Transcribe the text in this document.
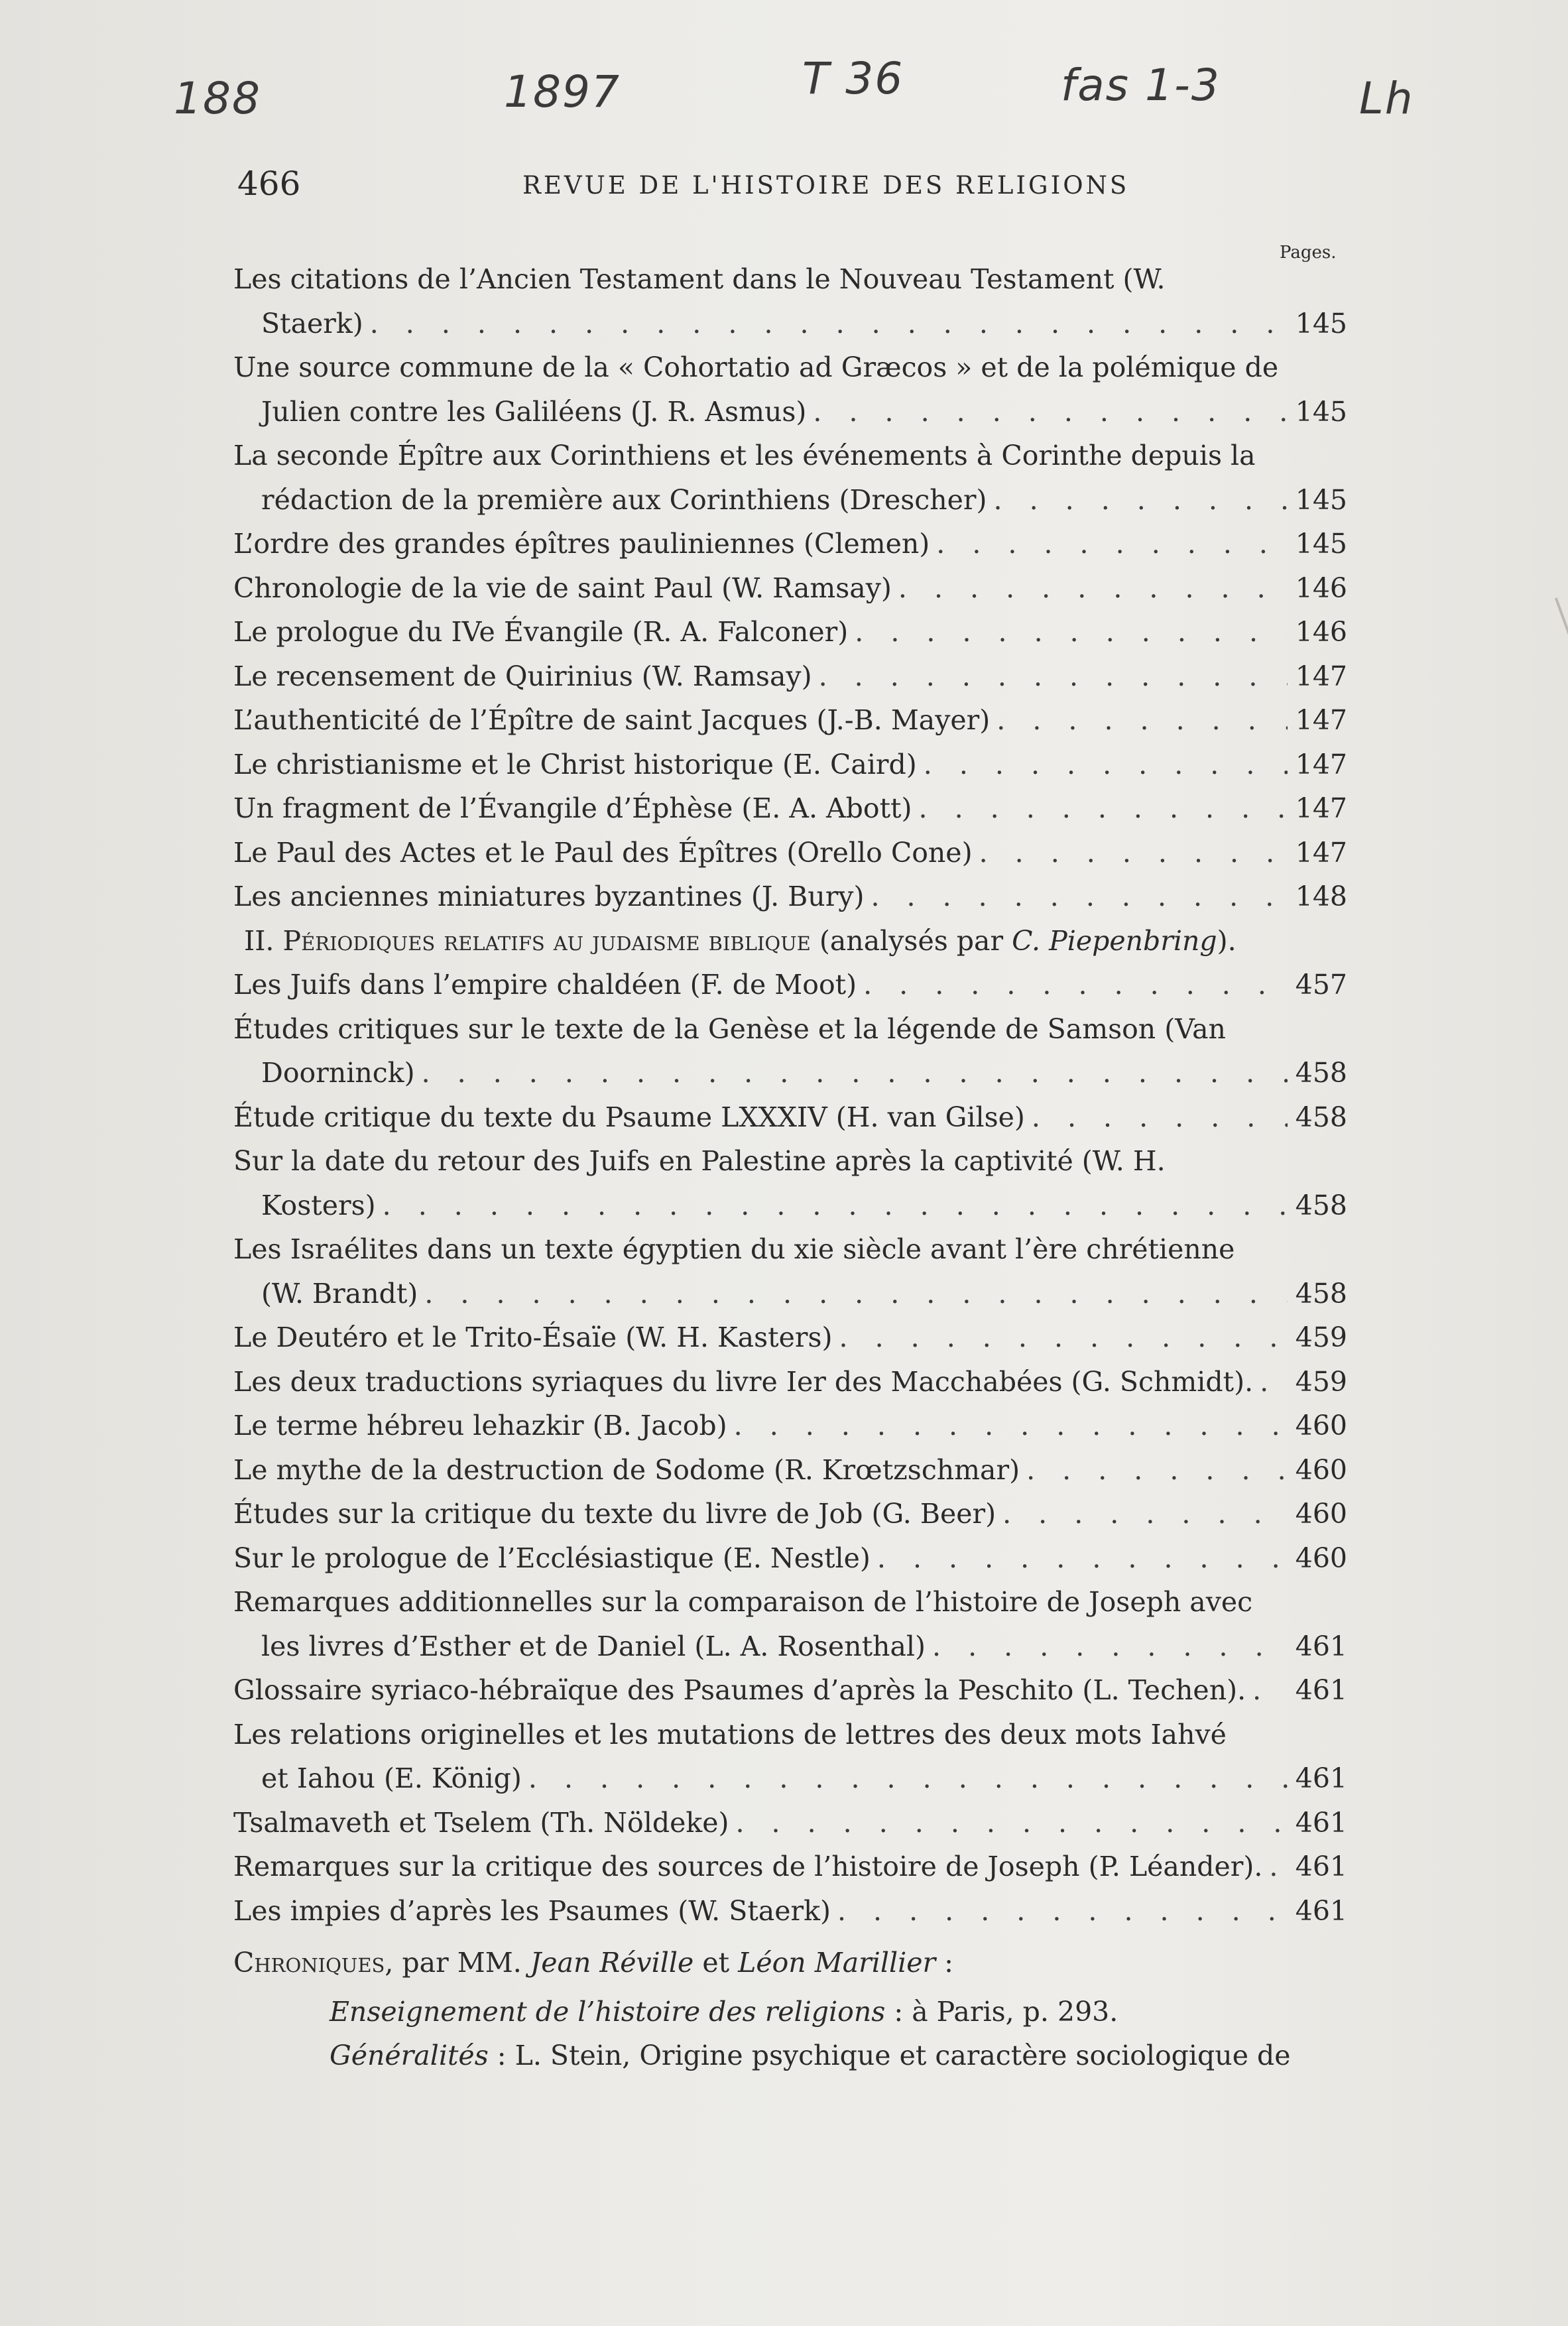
188	1897	T 36	fas 1-3	Lh
466	REVUE DE L'HISTOIRE DES RELIGIONS
Pages.
Les citations de l’Ancien Testament dans le Nouveau Testament (W.
Staerk) . . .	145
Une source commune de la « Cohortatio ad Græcos » et de la polémique de
Julien contre les Galiléens (J. R. Asmus) . . .	145
La seconde Épître aux Corinthiens et les événements à Corinthe depuis la
rédaction de la première aux Corinthiens (Drescher) . . .	145
L’ordre des grandes épîtres pauliniennes (Clemen) . . .	145
Chronologie de la vie de saint Paul (W. Ramsay) . . .	146
Le prologue du IVe Évangile (R. A. Falconer) . . .	146
Le recensement de Quirinius (W. Ramsay) . . .	147
L’authenticité de l’Épître de saint Jacques (J.-B. Mayer) . . .	147
Le christianisme et le Christ historique (E. Caird) . . .	147
Un fragment de l’Évangile d’Éphèse (E. A. Abott) . . .	147
Le Paul des Actes et le Paul des Épîtres (Orello Cone) . . .	147
Les anciennes miniatures byzantines (J. Bury) . . .	148
II. Périodiques relatifs au judaisme biblique (analysés par C. Piepenbring).
Les Juifs dans l’empire chaldéen (F. de Moot) . . .	457
Études critiques sur le texte de la Genèse et la légende de Samson (Van
Doorninck) . . .	458
Étude critique du texte du Psaume LXXXIV (H. van Gilse) . . .	458
Sur la date du retour des Juifs en Palestine après la captivité (W. H.
Kosters) . . .	458
Les Israélites dans un texte égyptien du xie siècle avant l’ère chrétienne
(W. Brandt) . . .	458
Le Deutéro et le Trito-Ésaïe (W. H. Kasters) . . .	459
Les deux traductions syriaques du livre Ier des Macchabées (G. Schmidt). . . . 459
Le terme hébreu lehazkir (B. Jacob) . . .	460
Le mythe de la destruction de Sodome (R. Krœtzschmar) . . .	460
Études sur la critique du texte du livre de Job (G. Beer) . . .	460
Sur le prologue de l’Ecclésiastique (E. Nestle) . . .	460
Remarques additionnelles sur la comparaison de l’histoire de Joseph avec
les livres d’Esther et de Daniel (L. A. Rosenthal) . . .	461
Glossaire syriaco-hébraïque des Psaumes d’après la Peschito (L. Techen). . . . 461
Les relations originelles et les mutations de lettres des deux mots Iahvé
et Iahou (E. König) . . .	461
Tsalmaveth et Tselem (Th. Nöldeke) . . .	461
Remarques sur la critique des sources de l’histoire de Joseph (P. Léander). . . . 461
Les impies d’après les Psaumes (W. Staerk) . . .	461
Chroniques, par MM. Jean Réville et Léon Marillier :
Enseignement de l’histoire des religions : à Paris, p. 293.
Généralités : L. Stein, Origine psychique et caractère sociologique de
